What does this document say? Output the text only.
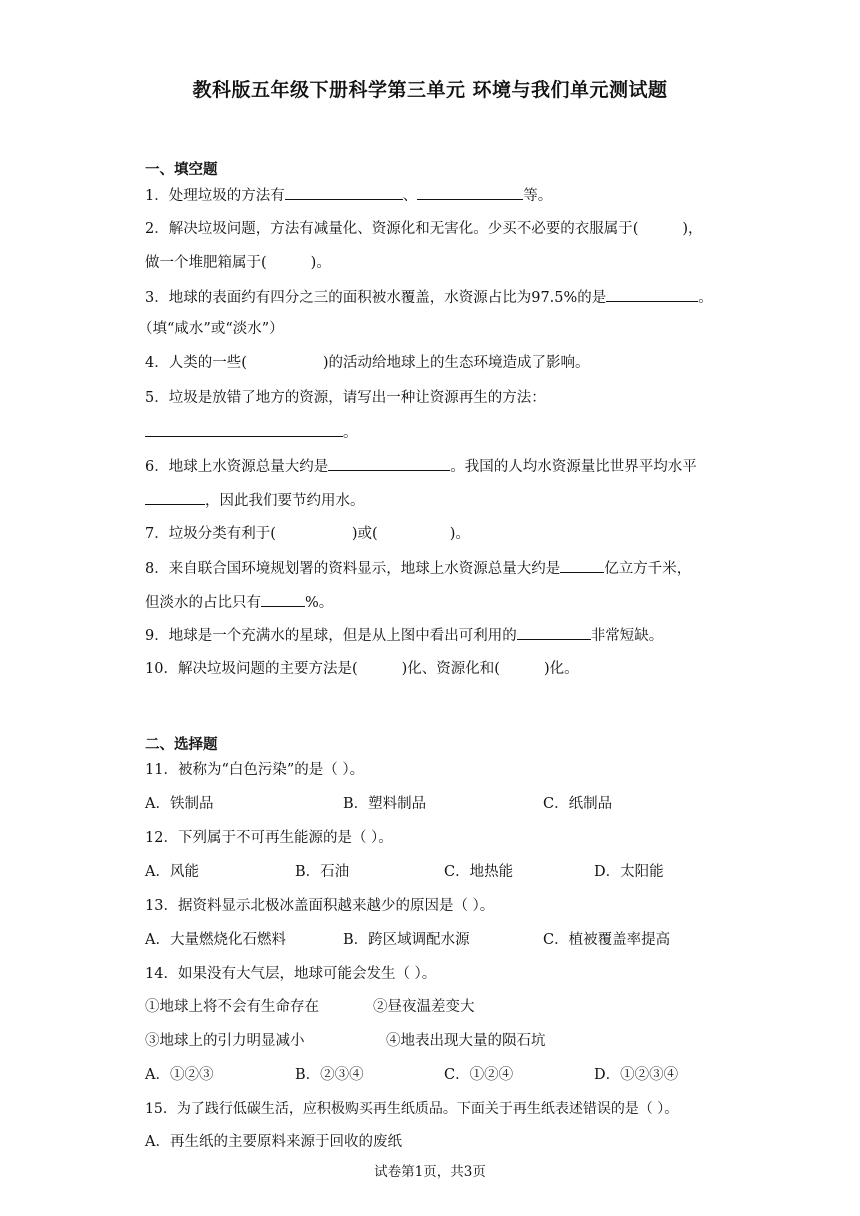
教科版五年级下册科学第三单元 环境与我们单元测试题
一、填空题
1．处理垃圾的方法有	、	等。
2．解决垃圾问题，方法有减量化、资源化和无害化。少买不必要的衣服属于(	)，
做一个堆肥箱属于(	)。
3．地球的表面约有四分之三的面积被水覆盖，水资源占比为97.5%的是	。
（填“咸水”或“淡水”）
4．人类的一些(	)的活动给地球上的生态环境造成了影响。
5．垃圾是放错了地方的资源，请写出一种让资源再生的方法：
。
6．地球上水资源总量大约是	。我国的人均水资源量比世界平均水平
，因此我们要节约用水。
7．垃圾分类有利于(	)或(	)。
8．来自联合国环境规划署的资料显示，地球上水资源总量大约是	亿立方千米，
但淡水的占比只有	%。
9．地球是一个充满水的星球，但是从上图中看出可利用的	非常短缺。
10．解决垃圾问题的主要方法是(	)化、资源化和(	)化。
二、选择题
11．被称为“白色污染”的是（ ）。
A．铁制品	B．塑料制品	C．纸制品
12．下列属于不可再生能源的是（ ）。
A．风能	B．石油	C．地热能	D．太阳能
13．据资料显示北极冰盖面积越来越少的原因是（ ）。
A．大量燃烧化石燃料	B．跨区域调配水源	C．植被覆盖率提高
14．如果没有大气层，地球可能会发生（ ）。
①地球上将不会有生命存在	②昼夜温差变大
③地球上的引力明显减小	④地表出现大量的陨石坑
A．①②③	B．②③④	C．①②④	D．①②③④
15．为了践行低碳生活，应积极购买再生纸质品。下面关于再生纸表述错误的是（ ）。
A．再生纸的主要原料来源于回收的废纸
试卷第1页，共3页
